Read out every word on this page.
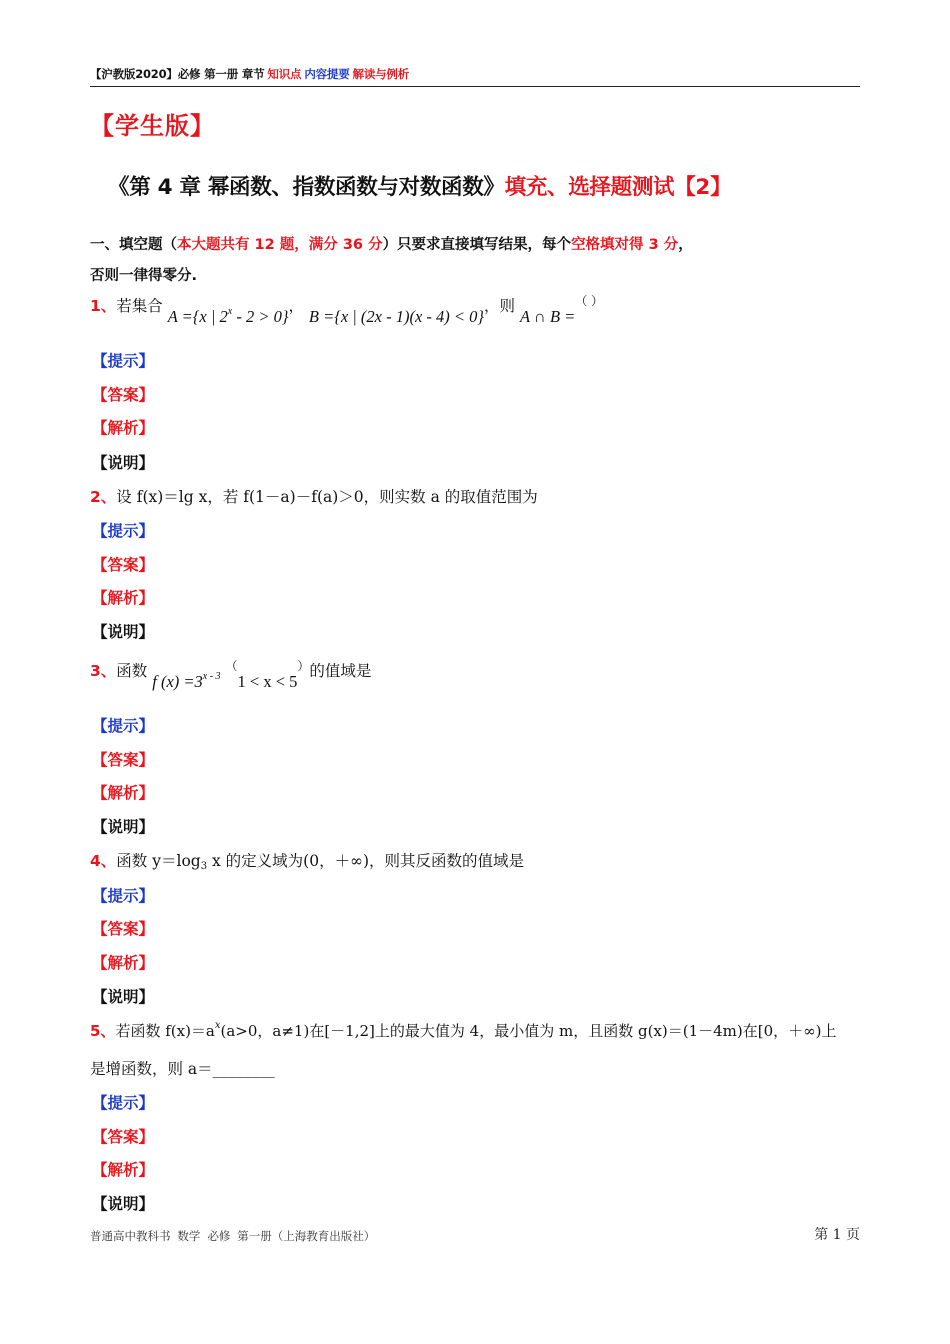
【沪教版2020】必修 第一册 章节 知识点 内容提要 解读与例析
【学生版】
《第 4 章 幂函数、指数函数与对数函数》填充、选择题测试【2】
一、填空题（本大题共有 12 题，满分 36 分）只要求直接填写结果，每个空格填对得 3 分，
否则一律得零分.
1、若集合 A ={x | 2$^x$ - 2 > 0}， B ={x | (2x - 1)(x - 4) < 0}，则 A ∩ B =（ ）
【提示】
【答案】
【解析】
【说明】
2、设 f(x)＝lg x，若 f(1－a)－f(a)＞0，则实数 a 的取值范围为
【提示】
【答案】
【解析】
【说明】
3、函数 f $(x) =3^{x - 3}$ （1 < x < 5）的值域是
【提示】
【答案】
【解析】
【说明】
4、函数 $y=\log_3$ x 的定义域为(0，＋∞)，则其反函数的值域是
【提示】
【答案】
【解析】
【说明】
5、若函数 $f(x)=a^x(a>0$，a≠1)在[－1,2]上的最大值为 4，最小值为 m，且函数 g(x)＝(1－4m)在[0，＋∞)上
是增函数，则 a＝________
【提示】
【答案】
【解析】
【说明】
普通高中教科书 数学 必修 第一册（上海教育出版社）	第 1 页
